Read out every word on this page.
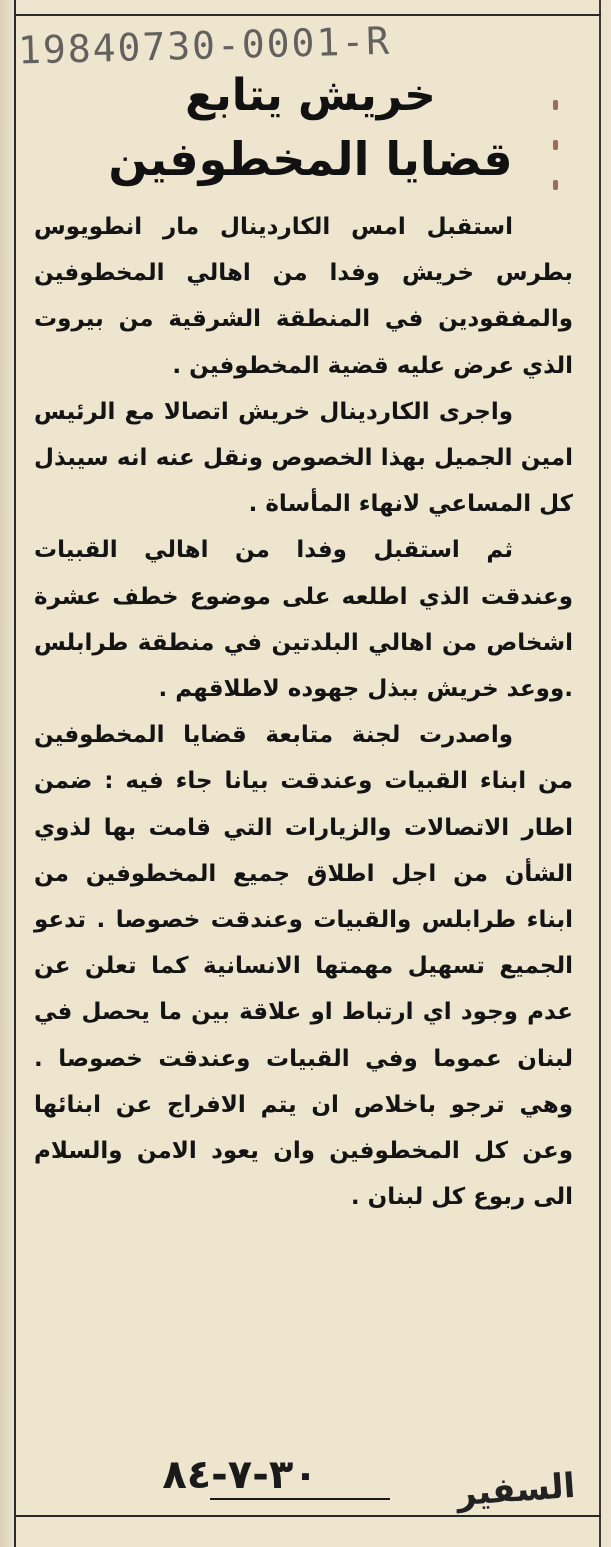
19840730-0001-R
خريش يتابع
قضايا المخطوفين

استقبل امس الكاردينال مار انطويوس بطرس خريش وفدا من اهالي المخطوفين والمفقودين في المنطقة الشرقية من بيروت الذي عرض عليه قضية المخطوفين .

واجرى الكاردينال خريش اتصالا مع الرئيس امين الجميل بهذا الخصوص ونقل عنه انه سيبذل كل المساعي لانهاء المأساة .

ثم استقبل وفدا من اهالي القبيات وعندقت الذي اطلعه على موضوع خطف عشرة اشخاص من اهالي البلدتين في منطقة طرابلس .ووعد خريش ببذل جهوده لاطلاقهم .

واصدرت لجنة متابعة قضايا المخطوفين من ابناء القبيات وعندقت بيانا جاء فيه : ضمن اطار الاتصالات والزيارات التي قامت بها لذوي الشأن من اجل اطلاق جميع المخطوفين من ابناء طرابلس والقبيات وعندقت خصوصا . تدعو الجميع تسهيل مهمتها الانسانية كما تعلن عن عدم وجود اي ارتباط او علاقة بين ما يحصل في لبنان عموما وفي القبيات وعندقت خصوصا . وهي ترجو باخلاص ان يتم الافراج عن ابنائها وعن كل المخطوفين وان يعود الامن والسلام الى ربوع كل لبنان .

٣٠-٧-٨٤	السفير
